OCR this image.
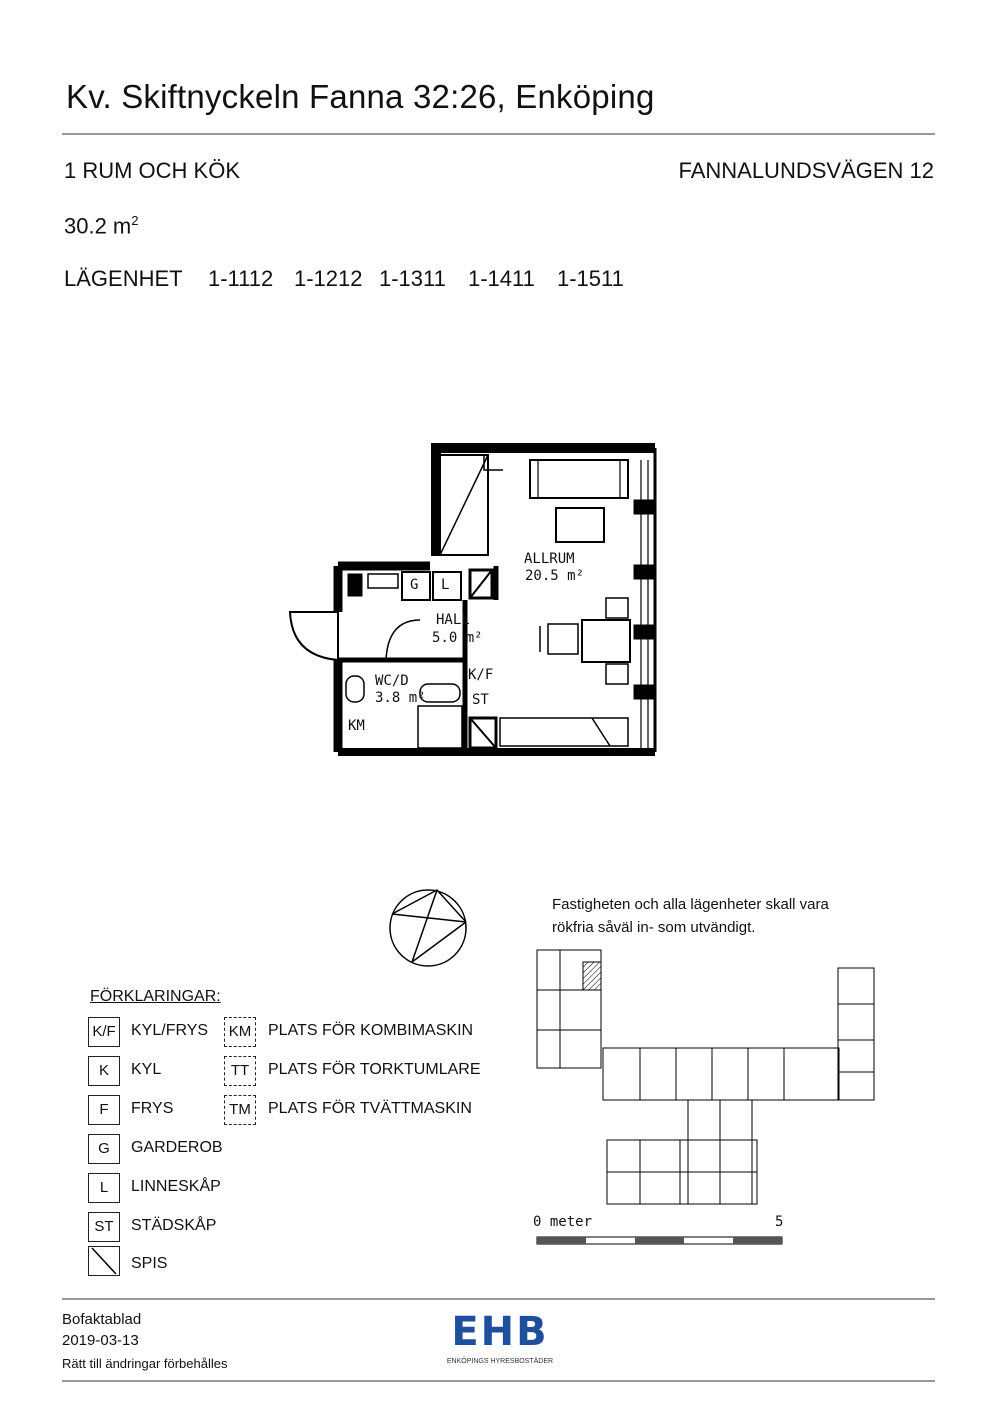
Kv. Skiftnyckeln Fanna 32:26, Enköping
1 RUM OCH KÖK	FANNALUNDSVÄGEN 12
30.2 $m^2$
LÄGENHET 1-1112 1-1212 1-1311 1-1411 1-1511
ALLRUM
20.5 m²
HALL
5.0 m²
WC/D
3.8 m²
G L
K/F
ST
KM
Fastigheten och alla lägenheter skall vara
rökfria såväl in- som utvändigt.
0 meter	5
FÖRKLARINGAR:
K/F KYL/FRYS
K	KYL
F	FRYS
G	GARDEROB
L	LINNESKÅP
ST	STÄDSKÅP
SPIS
KM PLATS FÖR KOMBIMASKIN
TT	PLATS FÖR TORKTUMLARE
TM	PLATS FÖR TVÄTTMASKIN
Bofaktablad
2019-03-13
Rätt till ändringar förbehålles
EHB
ENKÖPINGS HYRESBOSTÄDER
